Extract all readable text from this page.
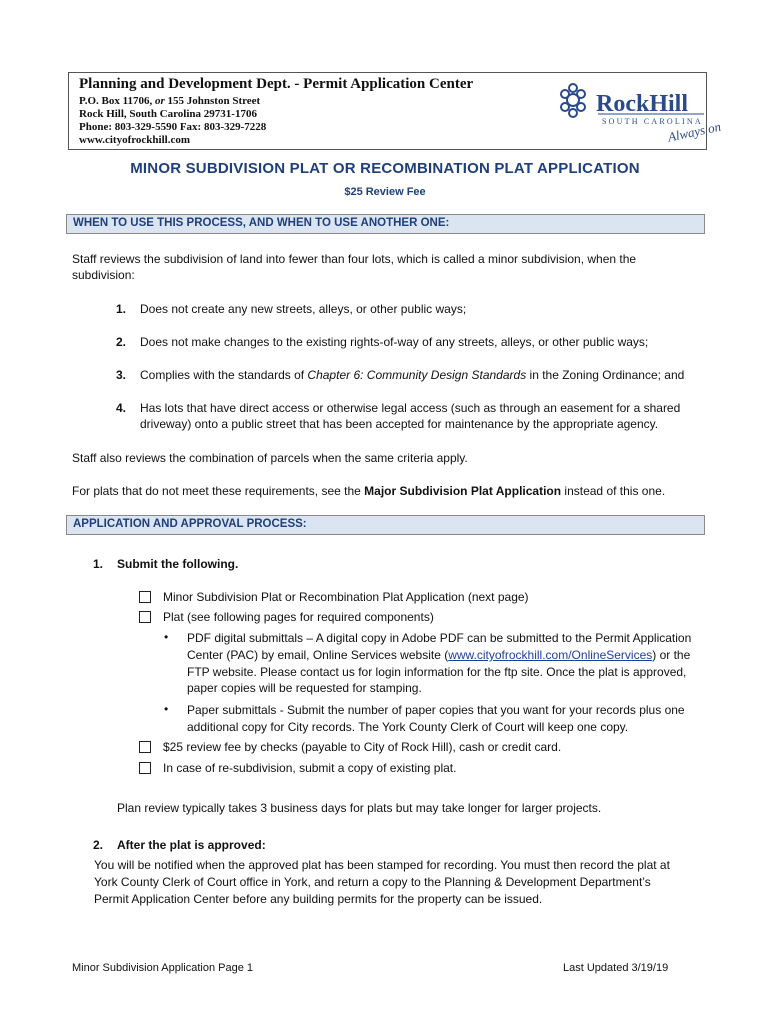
Planning and Development Dept. - Permit Application Center
P.O. Box 11706, or 155 Johnston Street
Rock Hill, South Carolina 29731-1706
Phone: 803-329-5590 Fax: 803-329-7228
www.cityofrockhill.com
RockHill
SOUTH CAROLINA
Always on
MINOR SUBDIVISION PLAT OR RECOMBINATION PLAT APPLICATION
$25 Review Fee
WHEN TO USE THIS PROCESS, AND WHEN TO USE ANOTHER ONE:
Staff reviews the subdivision of land into fewer than four lots, which is called a minor subdivision, when the
subdivision:
1. Does not create any new streets, alleys, or other public ways;
2. Does not make changes to the existing rights-of-way of any streets, alleys, or other public ways;
3. Complies with the standards of Chapter 6: Community Design Standards in the Zoning Ordinance; and
4. Has lots that have direct access or otherwise legal access (such as through an easement for a shared
driveway) onto a public street that has been accepted for maintenance by the appropriate agency.
Staff also reviews the combination of parcels when the same criteria apply.
For plats that do not meet these requirements, see the Major Subdivision Plat Application instead of this one.
APPLICATION AND APPROVAL PROCESS:
1. Submit the following.
Minor Subdivision Plat or Recombination Plat Application (next page)
Plat (see following pages for required components)
• PDF digital submittals – A digital copy in Adobe PDF can be submitted to the Permit Application
Center (PAC) by email, Online Services website (www.cityofrockhill.com/OnlineServices) or the
FTP website. Please contact us for login information for the ftp site. Once the plat is approved,
paper copies will be requested for stamping.
• Paper submittals - Submit the number of paper copies that you want for your records plus one
additional copy for City records. The York County Clerk of Court will keep one copy.
$25 review fee by checks (payable to City of Rock Hill), cash or credit card.
In case of re-subdivision, submit a copy of existing plat.
Plan review typically takes 3 business days for plats but may take longer for larger projects.
2. After the plat is approved:
You will be notified when the approved plat has been stamped for recording. You must then record the plat at
York County Clerk of Court office in York, and return a copy to the Planning & Development Department’s
Permit Application Center before any building permits for the property can be issued.
Minor Subdivision Application Page 1	Last Updated 3/19/19
